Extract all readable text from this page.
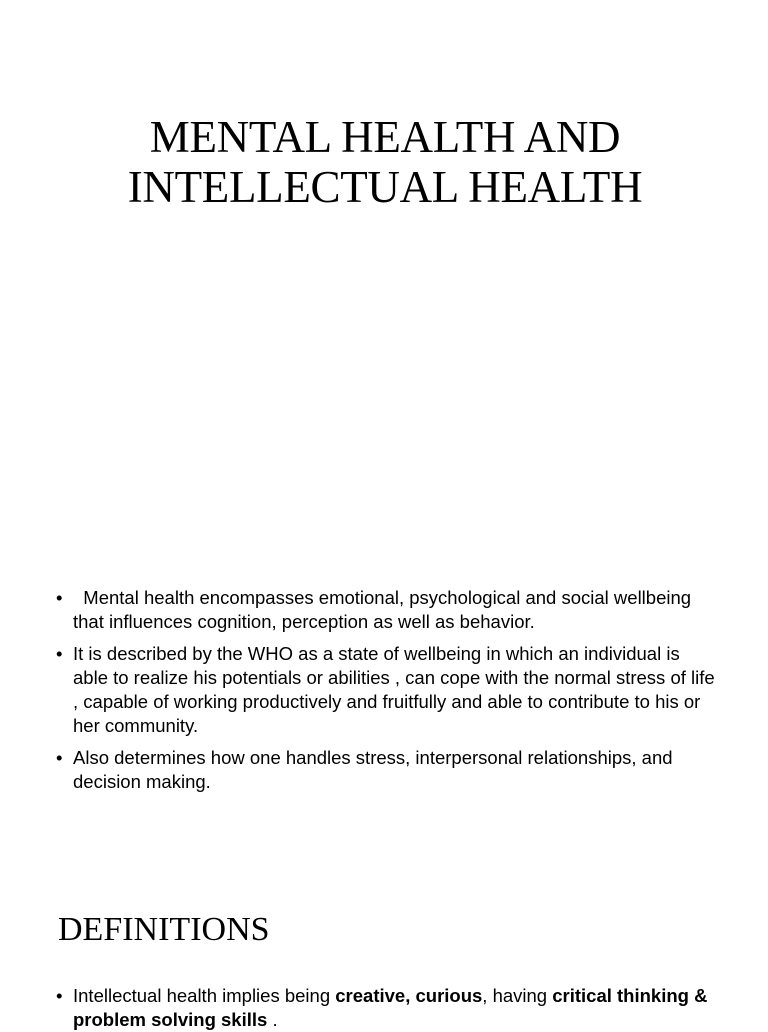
MENTAL HEALTH AND
INTELLECTUAL HEALTH
• Mental health encompasses emotional, psychological and social wellbeing that influences cognition, perception as well as behavior.
• It is described by the WHO as a state of wellbeing in which an individual is able to realize his potentials or abilities , can cope with the normal stress of life , capable of working productively and fruitfully and able to contribute to his or her community.
• Also determines how one handles stress, interpersonal relationships, and decision making.
DEFINITIONS
• Intellectual health implies being creative, curious, having critical thinking & problem solving skills .
